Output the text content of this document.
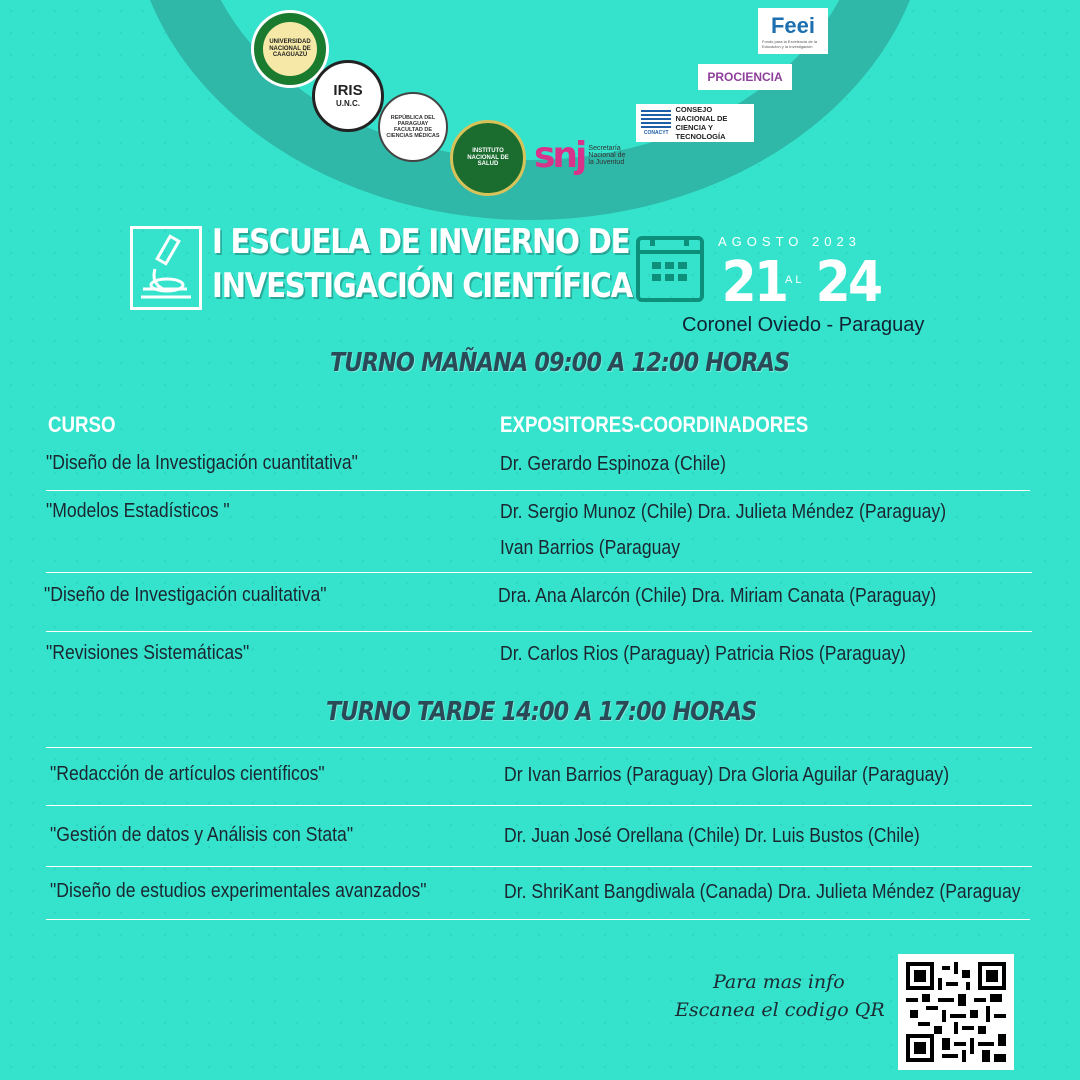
UNIVERSIDAD NACIONAL DE CAAGUAZÚ
IRIS
U.N.C.
REPÚBLICA DEL PARAGUAY FACULTAD DE CIENCIAS MÉDICAS
INSTITUTO NACIONAL DE SALUD snj Secretaría Nacional de la Juventud
Feei
Fondo para la Excelencia de la Educación y la Investigación
PROCIENCIA
CONACYT
CONSEJO NACIONAL DE CIENCIA Y TECNOLOGÍA
I ESCUELA DE INVIERNO DE
INVESTIGACIÓN CIENTÍFICA
AGOSTO 2023
21
AL 24
Coronel Oviedo - Paraguay
TURNO MAÑANA 09:00 A 12:00 HORAS
CURSO	EXPOSITORES-COORDINADORES
"Diseño de la Investigación cuantitativa"	Dr. Gerardo Espinoza (Chile)
"Modelos Estadísticos "	Dr. Sergio Munoz (Chile) Dra. Julieta Méndez (Paraguay)
Ivan Barrios (Paraguay
"Diseño de Investigación cualitativa"	Dra. Ana Alarcón (Chile) Dra. Miriam Canata (Paraguay)
"Revisiones Sistemáticas"	Dr. Carlos Rios (Paraguay) Patricia Rios (Paraguay)
TURNO TARDE 14:00 A 17:00 HORAS
"Redacción de artículos científicos"	Dr Ivan Barrios (Paraguay) Dra Gloria Aguilar (Paraguay)
"Gestión de datos y Análisis con Stata"	Dr. Juan José Orellana (Chile) Dr. Luis Bustos (Chile)
"Diseño de estudios experimentales avanzados"	Dr. ShriKant Bangdiwala (Canada) Dra. Julieta Méndez (Paraguay
Para mas info
Escanea el codigo QR
